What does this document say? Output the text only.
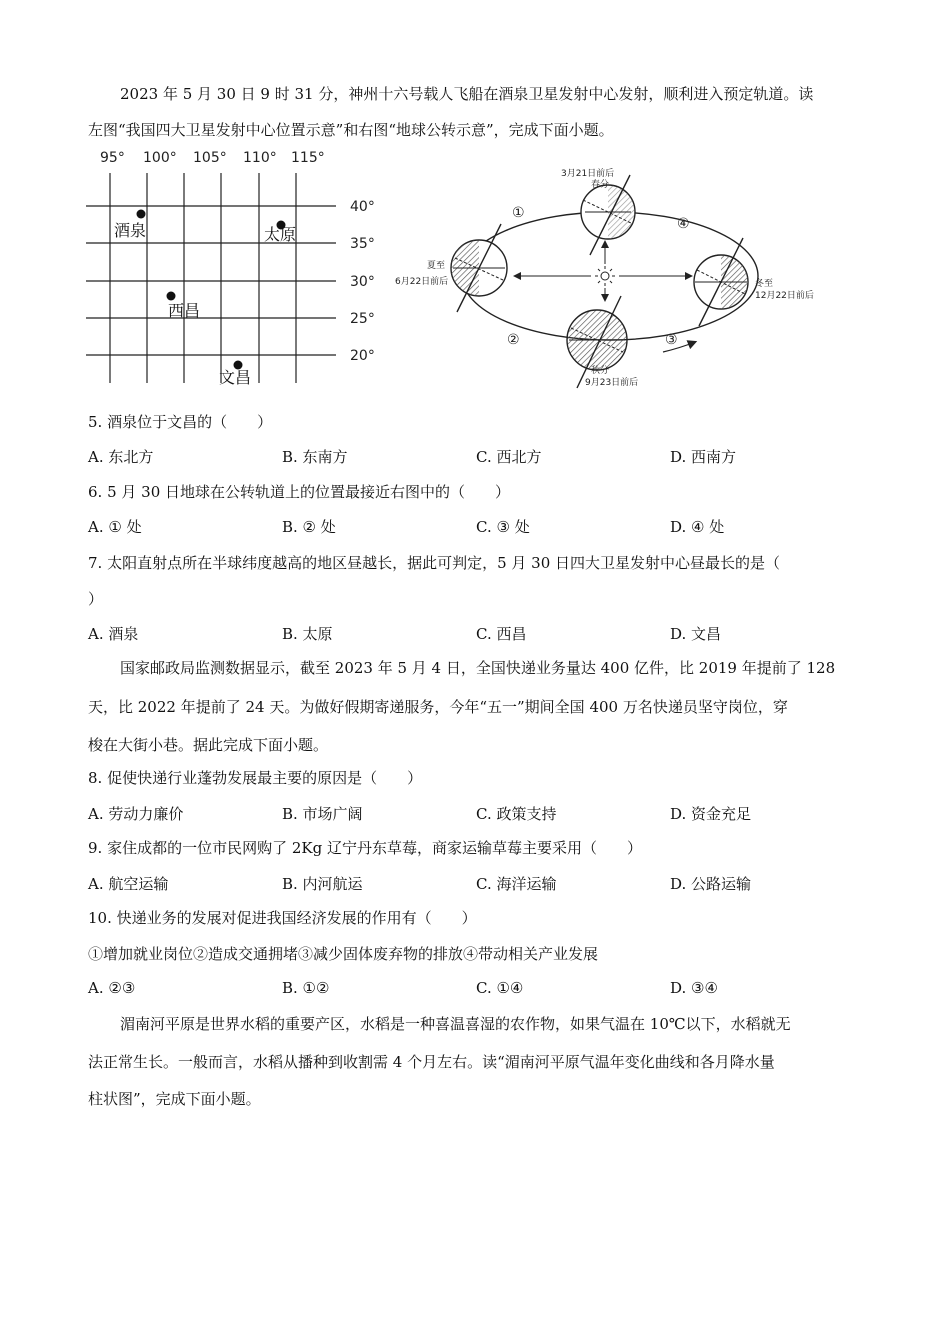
2023 年 5 月 30 日 9 时 31 分，神州十六号载人飞船在酒泉卫星发射中心发射，顺利进入预定轨道。读
左图“我国四大卫星发射中心位置示意”和右图“地球公转示意”，完成下面小题。
95° 100° 105° 110° 115°
40°
35°
30°
25°
20°
酒泉	太原
西昌
文昌
3月21日前后
春分
夏至
6月22日前后
秋分
9月23日前后
冬至
12月22日前后
①
②	③
④
5. 酒泉位于文昌的（　　）
A. 东北方	B. 东南方	C. 西北方	D. 西南方
6. 5 月 30 日地球在公转轨道上的位置最接近右图中的（　　）
A. ① 处	B. ② 处	C. ③ 处	D. ④ 处
7. 太阳直射点所在半球纬度越高的地区昼越长，据此可判定，5 月 30 日四大卫星发射中心昼最长的是（
）
A. 酒泉	B. 太原	C. 西昌	D. 文昌
国家邮政局监测数据显示，截至 2023 年 5 月 4 日，全国快递业务量达 400 亿件，比 2019 年提前了 128
天，比 2022 年提前了 24 天。为做好假期寄递服务，今年“五一”期间全国 400 万名快递员坚守岗位，穿
梭在大街小巷。据此完成下面小题。
8. 促使快递行业蓬勃发展最主要的原因是（　　）
A. 劳动力廉价	B. 市场广阔	C. 政策支持	D. 资金充足
9. 家住成都的一位市民网购了 2Kg 辽宁丹东草莓，商家运输草莓主要采用（　　）
A. 航空运输	B. 内河航运	C. 海洋运输	D. 公路运输
10. 快递业务的发展对促进我国经济发展的作用有（　　）
①增加就业岗位②造成交通拥堵③减少固体废弃物的排放④带动相关产业发展
A. ②③	B. ①②	C. ①④	D. ③④
湄南河平原是世界水稻的重要产区，水稻是一种喜温喜湿的农作物，如果气温在 10℃以下，水稻就无
法正常生长。一般而言，水稻从播种到收割需 4 个月左右。读“湄南河平原气温年变化曲线和各月降水量
柱状图”，完成下面小题。
